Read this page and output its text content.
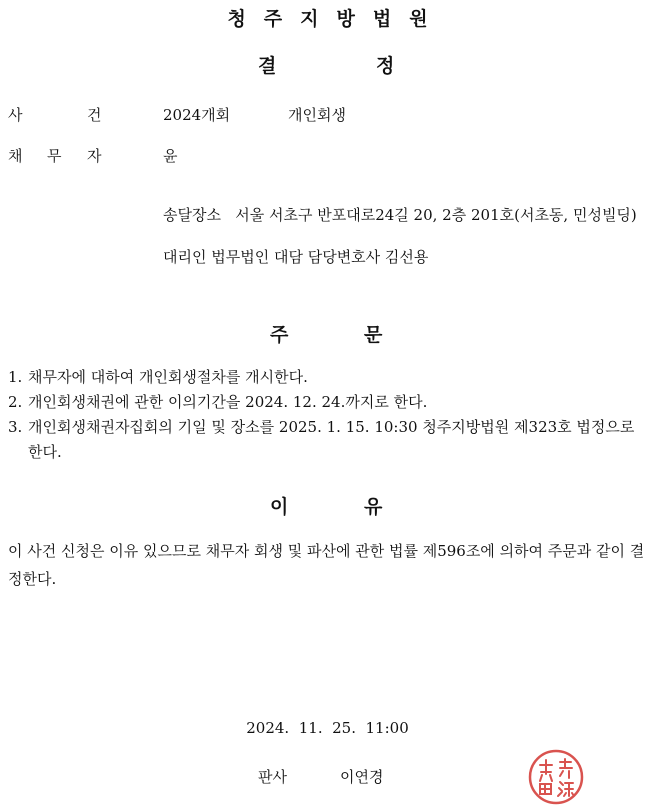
청주지방법원
결	정
사	건	2024개회	개인회생
채 무 자	윤
송달장소   서울 서초구 반포대로24길 20, 2층 201호(서초동, 민성빌딩)
대리인 법무법인 대담 담당변호사 김선용
주	문
1. 채무자에 대하여 개인회생절차를 개시한다.
2. 개인회생채권에 관한 이의기간을 2024. 12. 24.까지로 한다.
3. 개인회생채권자집회의 기일 및 장소를 2025. 1. 15. 10:30 청주지방법원 제323호 법정으로 한다.
이	유
이 사건 신청은 이유 있으므로 채무자 회생 및 파산에 관한 법률 제596조에 의하여 주문과 같이 결정한다.
2024.  11.  25.  11:00
판사	이연경
